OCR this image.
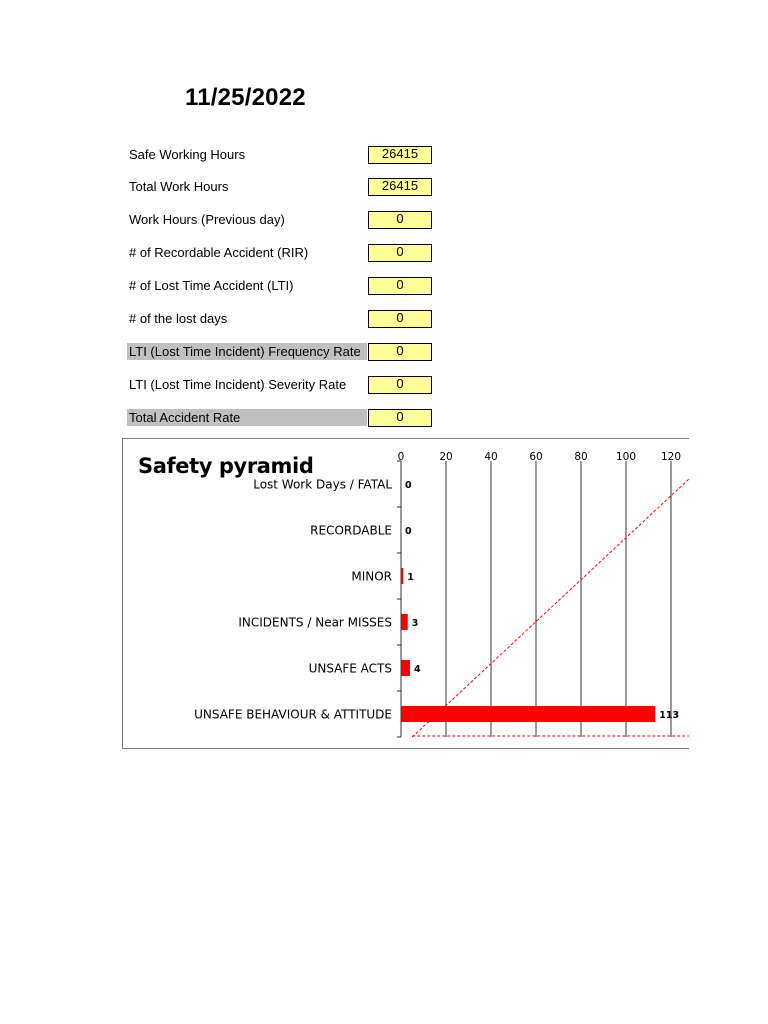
11/25/2022
Safe Working Hours	26415
Total Work Hours	26415
Work Hours (Previous day)	0
# of Recordable Accident (RIR)	0
# of Lost Time Accident (LTI)	0
# of the lost days	0
LTI (Lost Time Incident) Frequency Rate	0
LTI (Lost Time Incident) Severity Rate	0
Total Accident Rate	0
Safety pyramid	0	20	40	60	80	100 120
Lost Work Days / FATAL 0
RECORDABLE 0
MINOR 1
INCIDENTS / Near MISSES 3
UNSAFE ACTS 4
UNSAFE BEHAVIOUR & ATTITUDE	113
